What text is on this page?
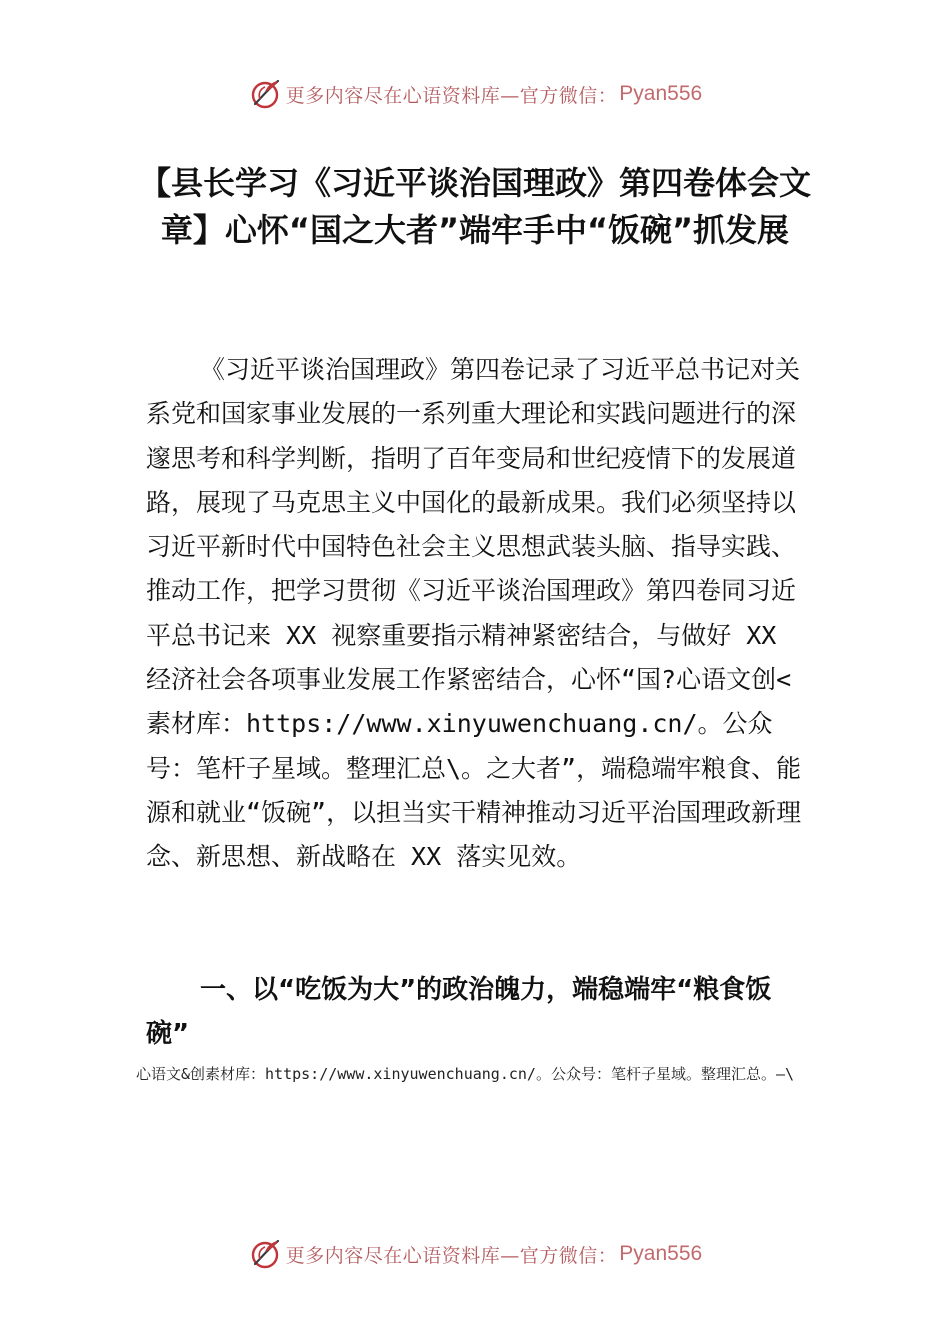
更多内容尽在心语资料库—官方微信： Pyan556
【县长学习《习近平谈治国理政》第四卷体会文章】心怀“国之大者”端牢手中“饭碗”抓发展

《习近平谈治国理政》第四卷记录了习近平总书记对关系党和国家事业发展的一系列重大理论和实践问题进行的深邃思考和科学判断，指明了百年变局和世纪疫情下的发展道路，展现了马克思主义中国化的最新成果。我们必须坚持以习近平新时代中国特色社会主义思想武装头脑、指导实践、推动工作，把学习贯彻《习近平谈治国理政》第四卷同习近平总书记来 XX 视察重要指示精神紧密结合，与做好 XX 经济社会各项事业发展工作紧密结合，心怀“国?心语文创<素材库：https://www.xinyuwenchuang.cn/。公众号：笔杆子星域。整理汇总\。之大者”，端稳端牢粮食、能源和就业“饭碗”，以担当实干精神推动习近平治国理政新理念、新思想、新战略在 XX 落实见效。

一、以“吃饭为大”的政治魄力，端稳端牢“粮食饭碗”

心语文&创素材库：https://www.xinyuwenchuang.cn/。公众号：笔杆子星域。整理汇总。—\

更多内容尽在心语资料库—官方微信： Pyan556
